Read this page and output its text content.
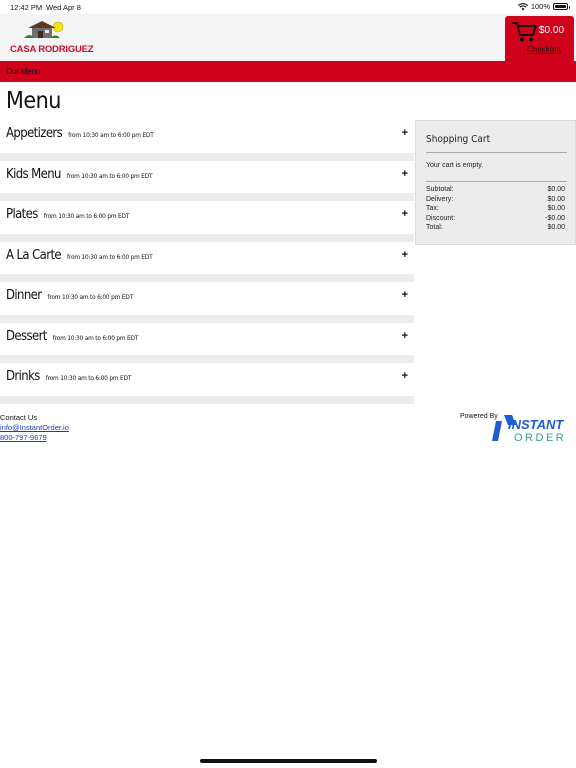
12:42 PM Wed Apr 8	100%
CASA RODRIGUEZ
$0.00
Checkout
Our Menu
Menu
Appetizers from 10:30 am to 6:00 pm EDT	+
Kids Menu from 10:30 am to 6:00 pm EDT	+
Plates from 10:30 am to 6:00 pm EDT	+
A La Carte from 10:30 am to 6:00 pm EDT	+
Dinner from 10:30 am to 6:00 pm EDT	+
Dessert from 10:30 am to 6:00 pm EDT	+
Drinks from 10:30 am to 6:00 pm EDT	+
Shopping Cart
Your cart is empty.
Subtotal:	$0.00
Delivery:	$0.00
Tax:	$0.00
Discount:	-$0.00
Total:	$0.00
Contact Us
info@InstantOrder.io
800-797-9679
Powered By
INSTANT
ORDER
